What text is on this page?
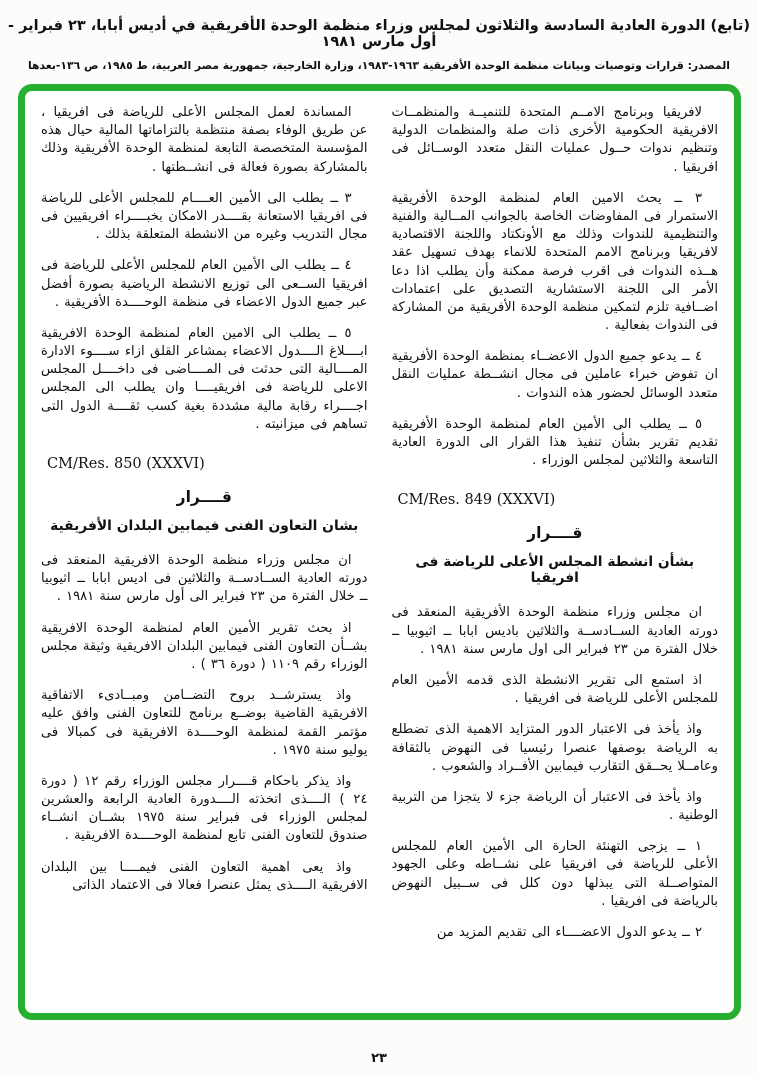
(تابع) الدورة العادية السادسة والثلاثون لمجلس وزراء منظمة الوحدة الأفريقية في أديس أبابا، ٢٣ فبراير - أول مارس ١٩٨١
المصدر: قرارات وتوصيات وبيانات منظمة الوحدة الأفريقية ١٩٦٣-١٩٨٣، وزارة الخارجية، جمهورية مصر العربية، ط ١٩٨٥، ص ١٣٦-بعدها

لافريقيا وبرنامج الامــم المتحدة للتنميــة والمنظمــات الافريقية الحكومية الأخرى ذات صلة والمنظمات الدولية وتنظيم ندوات حــول عمليات النقل متعدد الوســائل فى افريقيا .

٣ ــ يحث الامين العام لمنظمة الوحدة الأفريقية الاستمرار فى المفاوضات الخاصة بالجوانب المــالية والفنية والتنظيمية للندوات وذلك مع الأونكتاد واللجنة الاقتصادية لافريقيا وبرنامج الامم المتحدة للانماء بهدف تسهيل عقد هــذه الندوات فى اقرب فرصة ممكنة وأن يطلب اذا دعا الأمر الى اللجنة الاستشارية التصديق على اعتمادات اضــافية تلزم لتمكين منظمة الوحدة الأفريقية من المشاركة فى الندوات بفعالية .

٤ ــ يدعو جميع الدول الاعضــاء بمنظمة الوحدة الأفريقية ان تفوض خبراء عاملين فى مجال انشــطة عمليات النقل متعدد الوسائل لحضور هذه الندوات .

٥ ــ يطلب الى الأمين العام لمنظمة الوحدة الأفريقية تقديم تقرير بشأن تنفيذ هذا القرار الى الدورة العادية التاسعة والثلاثين لمجلس الوزراء .

CM/Res. 849 (XXXVI)
قــــرار
بشأن انشطة المجلس الأعلى للرياضة فى افريقيا

ان مجلس وزراء منظمة الوحدة الأفريقية المنعقد فى دورته العادية الســادســة والثلاثين باديس ابابا ــ اثيوبيا ــ خلال الفترة من ٢٣ فبراير الى اول مارس سنة ١٩٨١ .

اذ استمع الى تقرير الانشطة الذى قدمه الأمين العام للمجلس الأعلى للرياضة فى افريقيا .

واذ يأخذ فى الاعتبار الدور المتزايد الاهمية الذى تضطلع به الرياضة بوصفها عنصرا رئيسيا فى النهوض بالثقافة وعامــلا يحــقق التقارب فيمابين الأفــراد والشعوب .

واذ يأخذ فى الاعتبار أن الرياضة جزء لا يتجزا من التربية الوطنية .

١ ــ يزجى التهنئة الحارة الى الأمين العام للمجلس الأعلى للرياضة فى افريقيا على نشــاطه وعلى الجهود المتواصــلة التى يبذلها دون كلل فى ســبيل النهوض بالرياضة فى افريقيا .

٢ ــ يدعو الدول الاعضــــاء الى تقديم المزيد من

المساندة لعمل المجلس الأعلى للرياضة فى افريقيا ، عن طريق الوفاء بصفة منتظمة بالتزاماتها المالية حيال هذه المؤسسة المتخصصة التابعة لمنظمة الوحدة الأفريقية وذلك بالمشاركة بصورة فعالة فى انشــطتها .

٣ ــ يطلب الى الأمين العــــام للمجلس الأعلى للرياضة فى افريقيا الاستعانة بقــــدر الامكان بخبــــراء افريقيين فى مجال التدريب وغيره من الانشطة المتعلقة بذلك .

٤ ــ يطلب الى الأمين العام للمجلس الأعلى للرياضة فى افريقيا الســعى الى توزيع الانشطة الرياضية بصورة أفضل عبر جميع الدول الاعضاء فى منظمة الوحــــدة الأفريقية .

٥ ــ يطلب الى الامين العام لمنظمة الوحدة الافريقية ابــــلاغ الــــدول الاعضاء بمشاعر القلق ازاء ســــوء الادارة المــــالية التى حدثت فى المــــاضى فى داخــــل المجلس الاعلى للرياضة فى افريقيــــا وان يطلب الى المجلس اجــــراء رقابة مالية مشددة بغية كسب ثقــــة الدول التى تساهم فى ميزانيته .

CM/Res. 850 (XXXVI)
قــــرار
بشان التعاون الفنى فيمابين البلدان الأفريقية

ان مجلس وزراء منظمة الوحدة الافريقية المنعقد فى دورته العادية الســادســة والثلاثين فى اديس ابابا ــ اثيوبيا ــ خلال الفترة من ٢٣ فبراير الى أول مارس سنة ١٩٨١ .

اذ بحث تقرير الأمين العام لمنظمة الوحدة الافريقية بشــأن التعاون الفنى فيمابين البلدان الافريقية وثيقة مجلس الوزراء رقم ١١٠٩ ( دورة ٣٦ ) .

واذ يسترشــد بروح التضــامن ومبــادىء الاتفاقية الافريقية القاضية بوضــع برنامج للتعاون الفنى وافق عليه مؤتمر القمة لمنظمة الوحــــدة الافريقية فى كمبالا فى يوليو سنة ١٩٧٥ .

واذ يذكر باحكام قــــرار مجلس الوزراء رقم ١٢ ( دورة ٢٤ ) الــــذى اتخذته الــــدورة العادية الرابعة والعشرين لمجلس الوزراء فى فبراير سنة ١٩٧٥ بشــان انشــاء صندوق للتعاون الفنى تابع لمنظمة الوحــــدة الافريقية .

واذ يعى اهمية التعاون الفنى فيمــــا بين البلدان الافريقية الــــذى يمثل عنصرا فعالا فى الاعتماد الذاتى

٢٣
